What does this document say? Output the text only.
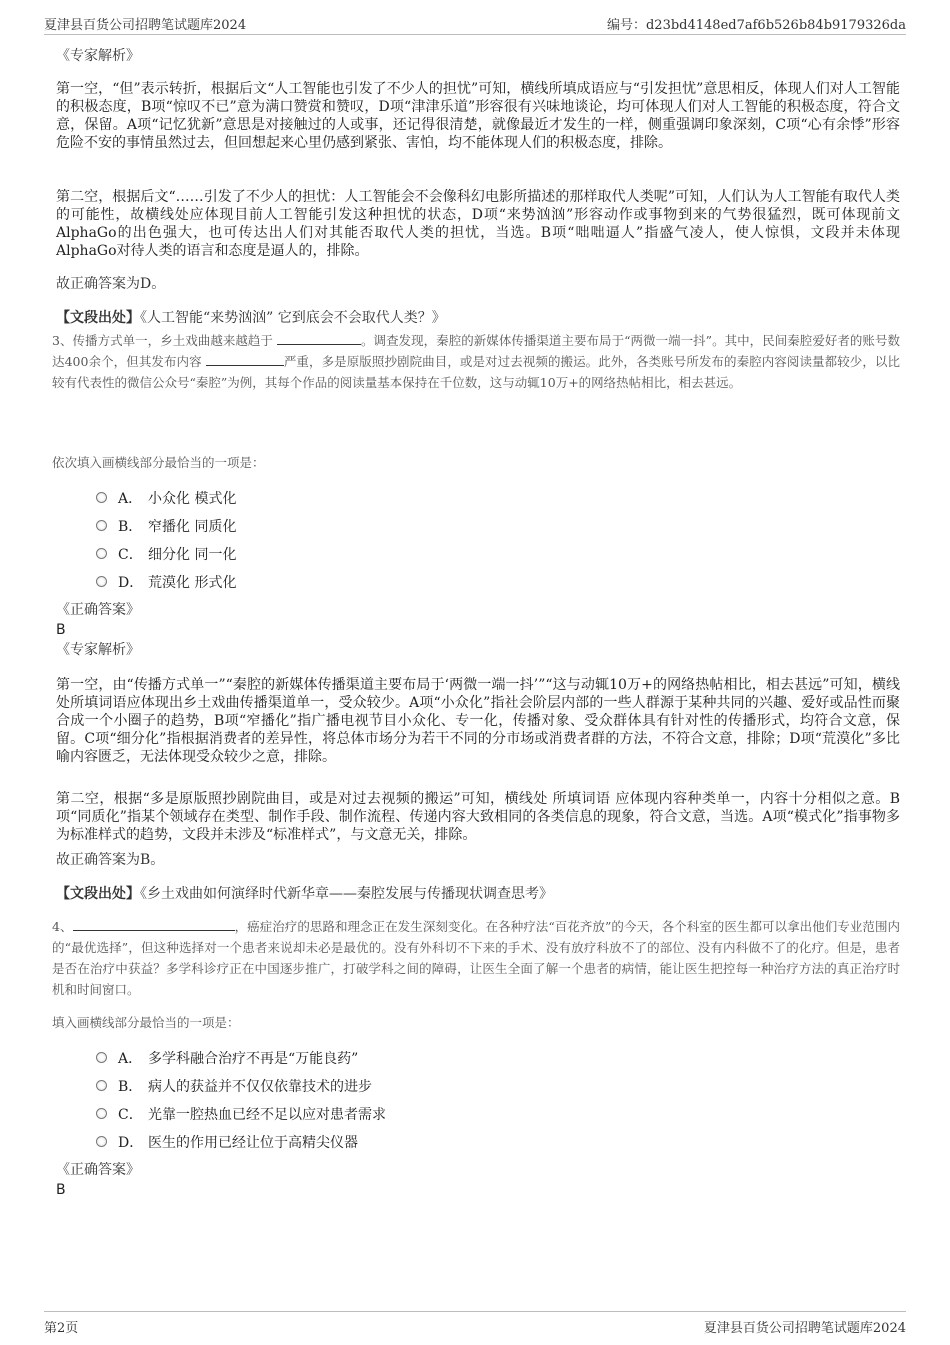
夏津县百货公司招聘笔试题库2024	编号：d23bd4148ed7af6b526b84b9179326da
《专家解析》
第一空，“但”表示转折，根据后文“人工智能也引发了不少人的担忧”可知，横线所填成语应与“引发担忧”意思相反，体现人们对人工智能的积极态度，B项“惊叹不已”意为满口赞赏和赞叹，D项“津津乐道”形容很有兴味地谈论，均可体现人们对人工智能的积极态度，符合文意，保留。A项“记忆犹新”意思是对接触过的人或事，还记得很清楚，就像最近才发生的一样，侧重强调印象深刻，C项“心有余悸”形容危险不安的事情虽然过去，但回想起来心里仍感到紧张、害怕，均不能体现人们的积极态度，排除。
第二空，根据后文“……引发了不少人的担忧：人工智能会不会像科幻电影所描述的那样取代人类呢”可知，人们认为人工智能有取代人类的可能性，故横线处应体现目前人工智能引发这种担忧的状态，D项“来势汹汹”形容动作或事物到来的气势很猛烈，既可体现前文AlphaGo的出色强大，也可传达出人们对其能否取代人类的担忧，当选。B项“咄咄逼人”指盛气凌人，使人惊惧，文段并未体现AlphaGo对待人类的语言和态度是逼人的，排除。
故正确答案为D。
【文段出处】《人工智能“来势汹汹” 它到底会不会取代人类？》
3、传播方式单一，乡土戏曲越来越趋于	。调查发现，秦腔的新媒体传播渠道主要布局于“两微一端一抖”。其中，民间秦腔爱好者的账号数达400余个，但其发布内容	严重，多是原版照抄剧院曲目，或是对过去视频的搬运。此外，各类账号所发布的秦腔内容阅读量都较少，以比较有代表性的微信公众号“秦腔”为例，其每个作品的阅读量基本保持在千位数，这与动辄10万+的网络热帖相比，相去甚远。
依次填入画横线部分最恰当的一项是：
A． 小众化 模式化
B． 窄播化 同质化
C． 细分化 同一化
D． 荒漠化 形式化
《正确答案》
B
《专家解析》
第一空，由“传播方式单一”“秦腔的新媒体传播渠道主要布局于‘两微一端一抖’”“这与动辄10万+的网络热帖相比，相去甚远”可知，横线处所填词语应体现出乡土戏曲传播渠道单一，受众较少。A项“小众化”指社会阶层内部的一些人群源于某种共同的兴趣、爱好或品性而聚合成一个小圈子的趋势，B项“窄播化”指广播电视节目小众化、专一化，传播对象、受众群体具有针对性的传播形式，均符合文意，保留。C项“细分化”指根据消费者的差异性，将总体市场分为若干不同的分市场或消费者群的方法，不符合文意，排除；D项“荒漠化”多比喻内容匮乏，无法体现受众较少之意，排除。
第二空，根据“多是原版照抄剧院曲目，或是对过去视频的搬运”可知，横线处 所填词语 应体现内容种类单一，内容十分相似之意。B项“同质化”指某个领域存在类型、制作手段、制作流程、传递内容大致相同的各类信息的现象，符合文意，当选。A项“模式化”指事物多为标准样式的趋势，文段并未涉及“标准样式”，与文意无关，排除。
故正确答案为B。
【文段出处】《乡土戏曲如何演绎时代新华章——秦腔发展与传播现状调查思考》
4、	，癌症治疗的思路和理念正在发生深刻变化。在各种疗法“百花齐放”的今天，各个科室的医生都可以拿出他们专业范围内的“最优选择”，但这种选择对一个患者来说却未必是最优的。没有外科切不下来的手术、没有放疗科放不了的部位、没有内科做不了的化疗。但是，患者是否在治疗中获益？多学科诊疗正在中国逐步推广，打破学科之间的障碍，让医生全面了解一个患者的病情，能让医生把控每一种治疗方法的真正治疗时机和时间窗口。
填入画横线部分最恰当的一项是：
A． 多学科融合治疗不再是“万能良药”
B． 病人的获益并不仅仅依靠技术的进步
C． 光靠一腔热血已经不足以应对患者需求
D． 医生的作用已经让位于高精尖仪器
《正确答案》
B
第2页	夏津县百货公司招聘笔试题库2024
